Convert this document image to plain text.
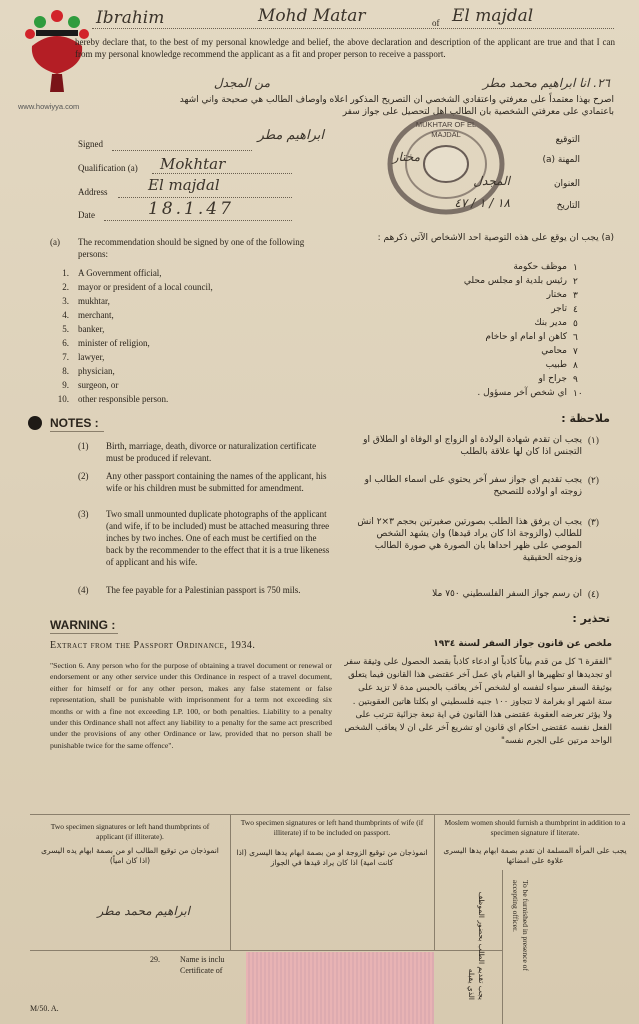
www.howiyya.com
Ibrahim	Mohd Matar	of El majdal
hereby declare that, to the best of my personal knowledge and belief, the above declaration and description of the applicant are true and that I can from my personal knowledge recommend the applicant as a fit and proper person to receive a passport.
٢٦. انا ابراهيم محمد مطر
من المجدل
اصرح بهذا معتمداً على معرفتي واعتقادي الشخصي ان التصريح المذكور اعلاه واوصاف الطالب هي صحيحة واني اشهد باعتمادي على معرفتي الشخصية بان الطالب اهل لتحصيل على جواز سفر
Signed
ابراهيم مطر
Qualification (a) Mokhtar
Address	El majdal
Date	18.1.47
MUKHTAR OF EL MAJDAL
التوقيع
المهنة (a)
مختار
العنوان
المجدل
التاريخ
١٨ / ١ / ٤٧
(a) The recommendation should be signed by one of the following persons:
(a) يجب ان يوقع على هذه التوصية احد الاشخاص الآتي ذكرهم :
1. A Government official,
2. mayor or president of a local council,
3. mukhtar,
4. merchant,
5. banker,
6. minister of religion,
7. lawyer,
8. physician,
9. surgeon, or
10. other responsible person.
١
موظف حكومة
٢
رئيس بلدية او مجلس محلي
٣
مختار
٤
تاجر
٥
مدير بنك
٦
كاهن او امام او حاخام
٧
محامي
٨
طبيب
٩
جراح او
١٠
اي شخص آخر مسؤول .
NOTES :	ملاحظة :
(1) Birth, marriage, death, divorce or naturalization certificate must be produced if relevant.
(2) Any other passport containing the names of the applicant, his wife or his children must be submitted for amendment.
(3) Two small unmounted duplicate photographs of the applicant (and wife, if to be included) must be attached measuring three inches by two inches. One of each must be certified on the back by the recommender to the effect that it is a true likeness of applicant and his wife.
(4) The fee payable for a Palestinian passport is 750 mils.
(١)
يجب ان تقدم شهادة الولادة او الزواج او الوفاة او الطلاق او التجنس اذا كان لها علاقة بالطلب
(٢)
يجب تقديم اي جواز سفر آخر يحتوي على اسماء الطالب او زوجته او اولاده للتصحيح
(٣)
يجب ان يرفق هذا الطلب بصورتين صغيرتين بحجم ٣×٢ انش للطالب (والزوجة اذا كان يراد قيدها) وان يشهد الشخص الموصي على ظهر احداها بان الصورة هي صورة الطالب وزوجته الحقيقية
(٤)
ان رسم جواز السفر الفلسطيني ٧٥٠ ملا
WARNING :	تحذير :
Extract from the Passport Ordinance, 1934.
"Section 6. Any person who for the purpose of obtaining a travel document or renewal or endorsement or any other service under this Ordinance in respect of a travel document, either for himself or for any other person, makes any false statement or false representation, shall be punishable with imprisonment for a term not exceeding six months or with a fine not exceeding LP. 100, or both penalties. Liability to a penalty under this Ordinance shall not affect any liability to a penalty for the same act prescribed under the provisions of any other Ordinance or law, provided that no person shall be punishable twice for the same offence".
ملخص عن قانون جواز السفر لسنة ١٩٣٤
"الفقرة ٦ كل من قدم بياناً كاذباً او ادعاء كاذباً بقصد الحصول على وثيقة سفر او تجديدها او تظهيرها او القيام باي عمل آخر عقتضى هذا القانون فيما يتعلق بوثيقة السفر سواء لنفسه او لشخص آخر يعاقب بالحبس مدة لا تزيد على ستة اشهر او بغرامة لا تتجاوز ١٠٠ جنيه فلسطيني او بكلتا هاتين العقوبتين . ولا يؤثر تعرضه العقوبة عقتضى هذا القانون في اية تبعة جزائية تترتب على الفعل نفسه عقتضى احكام اي قانون او تشريع آخر على ان لا يعاقب الشخص الواحد مرتين على الجرم نفسه"
Two specimen signatures or left hand thumbprints of applicant (if illiterate).
انموذجان من توقيع الطالب او من بصمة ابهام يده اليسرى (اذا كان امياً)
Two specimen signatures or left hand thumbprints of wife (if illiterate) if to be included on passport.
انموذجان من توقيع الزوجة او من بصمة ابهام يدها اليسرى (اذا كانت امية) اذا كان يراد قيدها في الجواز
Moslem women should furnish a thumbprint in addition to a specimen signature if literate.
يجب على المرأة المسلمة ان تقدم بصمة ابهام يدها اليسرى علاوة على امضائها
ابراهيم محمد مطر	To be furnished in presence of accepting officer.
يجب تقديم الطلب بحضور الموظف الذي يقبله
29.	Name is inclu
Certificate of
M/50. A.
